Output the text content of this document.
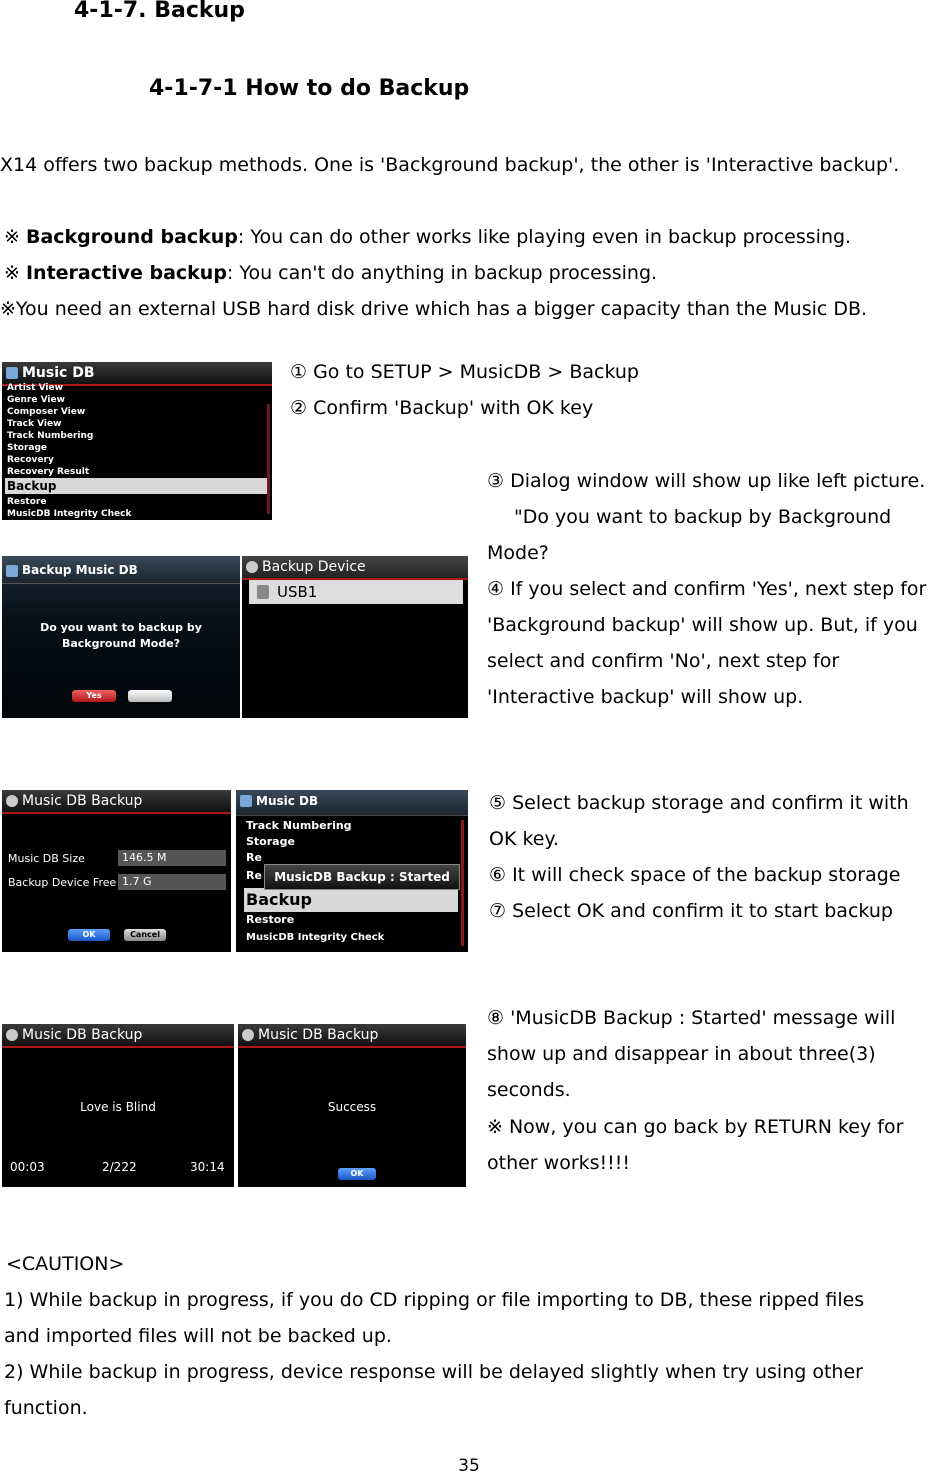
4-1-7. Backup
4-1-7-1 How to do Backup
X14 offers two backup methods. One is 'Background backup', the other is 'Interactive backup'.
※ Background backup: You can do other works like playing even in backup processing.
※ Interactive backup: You can't do anything in backup processing.
※You need an external USB hard disk drive which has a bigger capacity than the Music DB.
Music DB
Artist View
Genre View
Composer View
Track View
Track Numbering
Storage
Recovery
Recovery Result
Backup
Restore
MusicDB Integrity Check
Backup Music DB
Do you want to backup by
Background Mode?
Yes
Backup Device
USB1
① Go to SETUP > MusicDB > Backup
② Confirm 'Backup' with OK key
③ Dialog window will show up like left picture.
"Do you want to backup by Background
Mode?
④ If you select and confirm 'Yes', next step for
'Background backup' will show up. But, if you
select and confirm 'No', next step for
'Interactive backup' will show up.
Music DB Backup
Music DB Size	146.5 M
Backup Device Free 1.7 G
OK	Cancel
Music DB
Track Numbering
Storage
Re
Re
Backup
Restore
MusicDB Integrity Check
MusicDB Backup : Started
⑤ Select backup storage and confirm it with
OK key.
⑥ It will check space of the backup storage
⑦ Select OK and confirm it to start backup
Music DB Backup
Love is Blind
00:03	2/222	30:14
Music DB Backup
Success
OK
⑧ 'MusicDB Backup : Started' message will
show up and disappear in about three(3)
seconds.
※ Now, you can go back by RETURN key for
other works!!!!
<CAUTION>
1) While backup in progress, if you do CD ripping or file importing to DB, these ripped files
and imported files will not be backed up.
2) While backup in progress, device response will be delayed slightly when try using other
function.
35
